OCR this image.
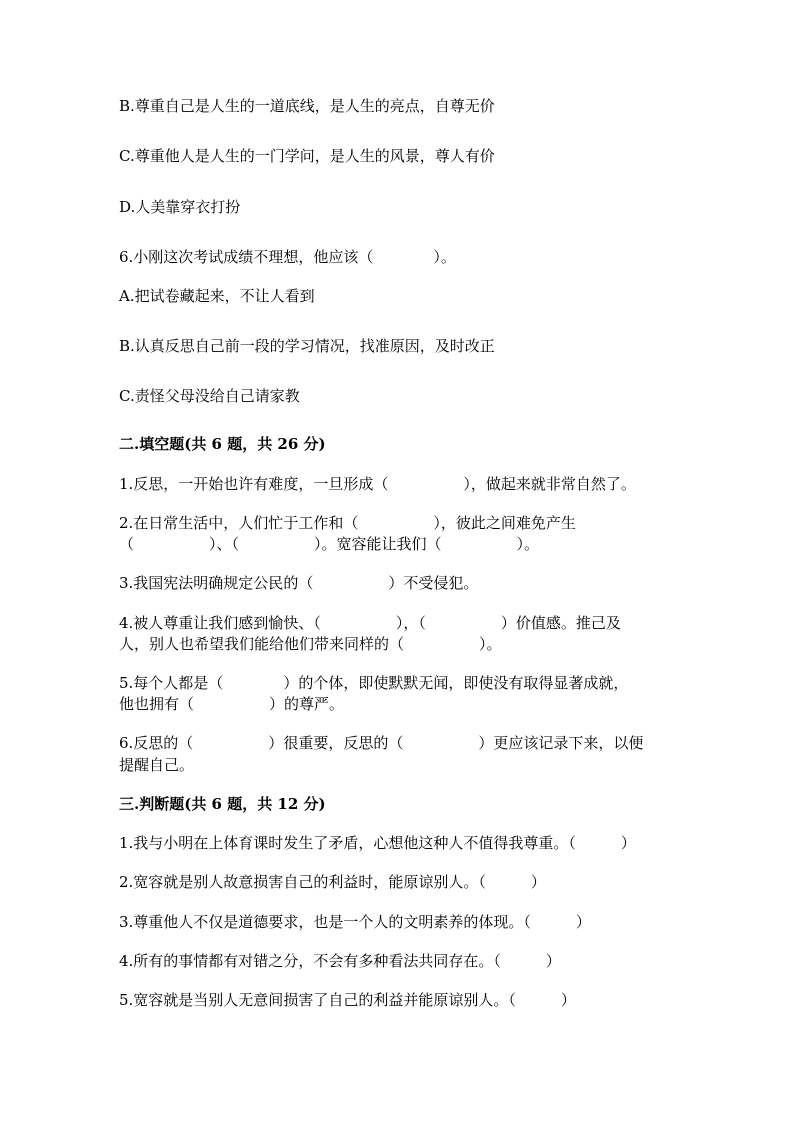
B.尊重自己是人生的一道底线，是人生的亮点，自尊无价
C.尊重他人是人生的一门学问，是人生的风景，尊人有价
D.人美靠穿衣打扮
6.小刚这次考试成绩不理想，他应该（　　　　）。
A.把试卷藏起来，不让人看到
B.认真反思自己前一段的学习情况，找准原因，及时改正
C.责怪父母没给自己请家教
二.填空题(共 6 题，共 26 分)
1.反思，一开始也许有难度，一旦形成（　　　　　），做起来就非常自然了。
2.在日常生活中，人们忙于工作和（　　　　　），彼此之间难免产生
（　　　　　）、（　　　　　）。宽容能让我们（　　　　　）。
3.我国宪法明确规定公民的（　　　　　）不受侵犯。
4.被人尊重让我们感到愉快、（　　　　　），（　　　　　）价值感。推己及
人，别人也希望我们能给他们带来同样的（　　　　　）。
5.每个人都是（　　　　）的个体，即使默默无闻，即使没有取得显著成就，
他也拥有（　　　　　）的尊严。
6.反思的（　　　　　）很重要，反思的（　　　　　）更应该记录下来，以便
提醒自己。
三.判断题(共 6 题，共 12 分)
1.我与小明在上体育课时发生了矛盾，心想他这种人不值得我尊重。（　　　）
2.宽容就是别人故意损害自己的利益时，能原谅别人。（　　　）
3.尊重他人不仅是道德要求，也是一个人的文明素养的体现。（　　　）
4.所有的事情都有对错之分，不会有多种看法共同存在。（　　　）
5.宽容就是当别人无意间损害了自己的利益并能原谅别人。（　　　）
